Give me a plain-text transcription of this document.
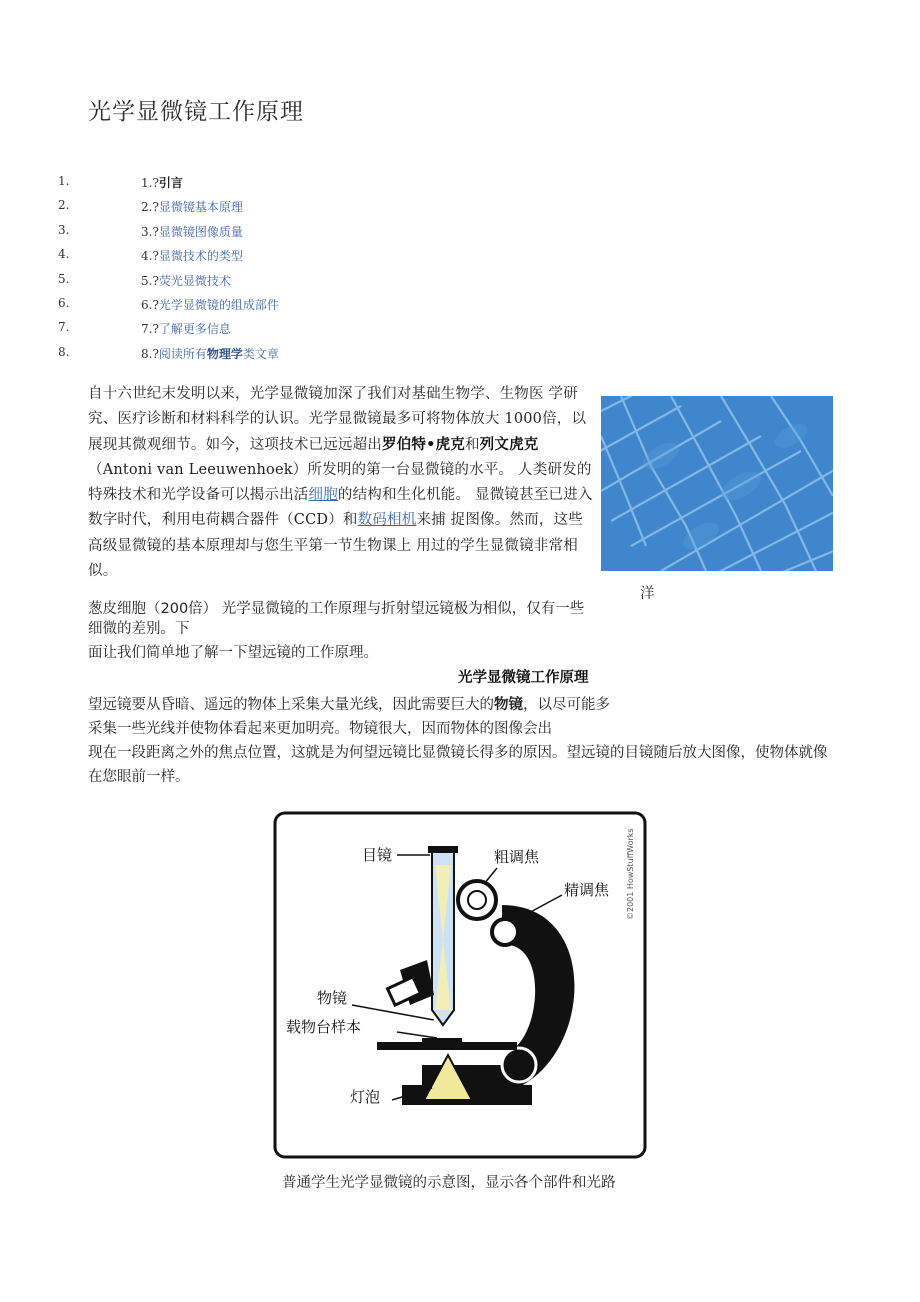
光学显微镜工作原理
1.	1.?引言
2.	2.?显微镜基本原理
3.	3.?显微镜图像质量
4.	4.?显微技术的类型
5.	5.?荧光显微技术
6.	6.?光学显微镜的组成部件
7.	7.?了解更多信息
8.	8.?阅读所有物理学类文章
自十六世纪末发明以来，光学显微镜加深了我们对基础生物学、生物医 学研究、医疗诊断和材料科学的认识。光学显微镜最多可将物体放大 1000倍，以展现其微观细节。如今，这项技术已远远超出罗伯特•虎克和列文虎克（Antoni van Leeuwenhoek）所发明的第一台显微镜的水平。 人类研发的特殊技术和光学设备可以揭示出活细胞的结构和生化机能。 显微镜甚至已进入数字时代，利用电荷耦合器件（CCD）和数码相机来捕 捉图像。然而，这些高级显微镜的基本原理却与您生平第一节生物课上 用过的学生显微镜非常相似。
洋
葱皮细胞（200倍） 光学显微镜的工作原理与折射望远镜极为相似，仅有一些细微的差别。下
面让我们简单地了解一下望远镜的工作原理。
光学显微镜工作原理
望远镜要从昏暗、遥远的物体上采集大量光线，因此需要巨大的物镜，以尽可能多采集一些光线并使物体看起来更加明亮。物镜很大，因而物体的图像会出
现在一段距离之外的焦点位置，这就是为何望远镜比显微镜长得多的原因。望远镜的目镜随后放大图像，使物体就像在您眼前一样。
目镜	粗调焦
精调焦
物镜
载物台样本
灯泡
©2001 HowStuffWorks
普通学生光学显微镜的示意图，显示各个部件和光路
